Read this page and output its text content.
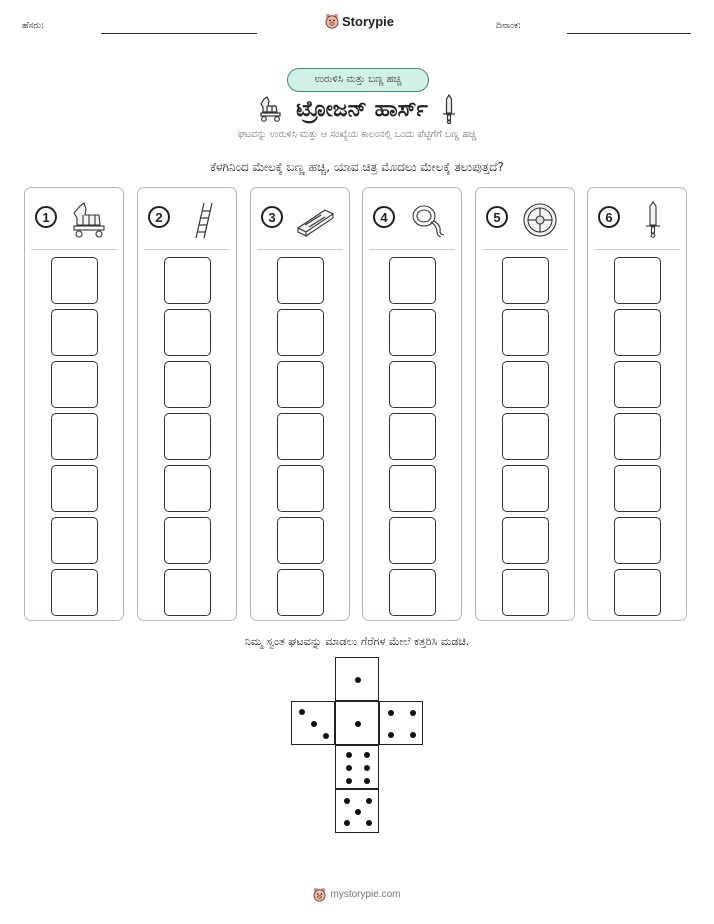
ಹೆಸರು:	Storypie	ದಿನಾಂಕ:
ಉರುಳಿಸಿ ಮತ್ತು ಬಣ್ಣ ಹಚ್ಚಿ
ಟ್ರೋಜನ್ ಹಾರ್ಸ್
ಘಟವನ್ನು ಉರುಳಿಸಿ ಮತ್ತು ಆ ಸಂಖ್ಯೆಯ ಕಾಲಂನಲ್ಲಿ ಒಂದು ಪೆಟ್ಟಿಗೆಗೆ ಬಣ್ಣ ಹಚ್ಚಿ
ಕೆಳಗಿನಿಂದ ಮೇಲಕ್ಕೆ ಬಣ್ಣ ಹಚ್ಚಿ, ಯಾವ ಚಿತ್ರ ಮೊದಲು ಮೇಲಕ್ಕೆ ತಲುಪುತ್ತದೆ?
1	2	3	4	5	6
ನಿಮ್ಮ ಸ್ವಂತ ಘಟವನ್ನು ಮಾಡಲು ಗೆರೆಗಳ ಮೇಲೆ ಕತ್ತರಿಸಿ ಮಡಚಿ.
mystorypie.com
